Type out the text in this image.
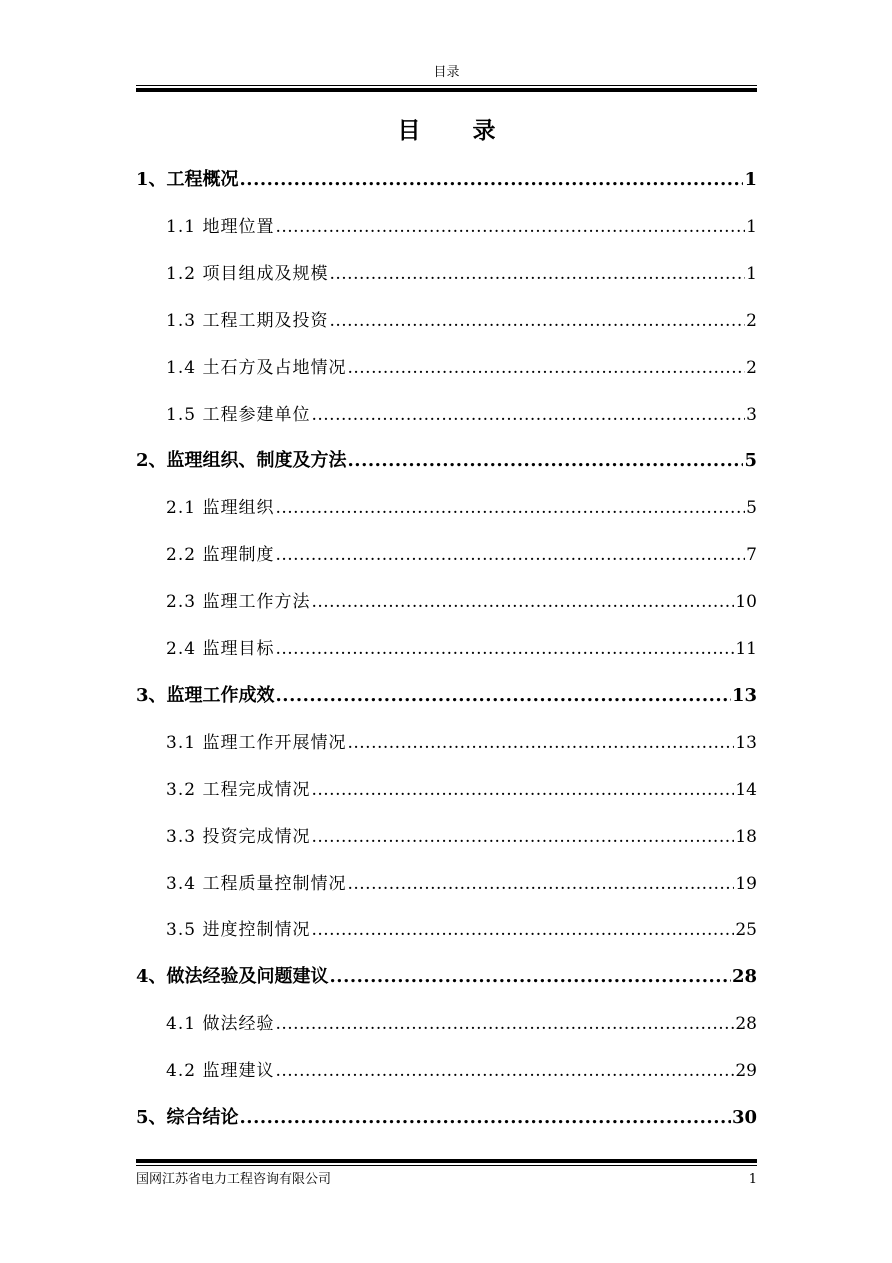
目录
目 录
1、工程概况 .....	1
1.1 地理位置 .....	1
1.2 项目组成及规模 .....	1
1.3 工程工期及投资 .....	2
1.4 土石方及占地情况 .....	2
1.5 工程参建单位 .....	3
2、监理组织、制度及方法 .....	5
2.1 监理组织 .....	5
2.2 监理制度 .....	7
2.3 监理工作方法 .....	10
2.4 监理目标 .....	11
3、监理工作成效 .....	13
3.1 监理工作开展情况 .....	13
3.2 工程完成情况 .....	14
3.3 投资完成情况 .....	18
3.4 工程质量控制情况 .....	19
3.5 进度控制情况 .....	25
4、做法经验及问题建议 .....	28
4.1 做法经验 .....	28
4.2 监理建议 .....	29
5、综合结论 .....	30
国网江苏省电力工程咨询有限公司	1
